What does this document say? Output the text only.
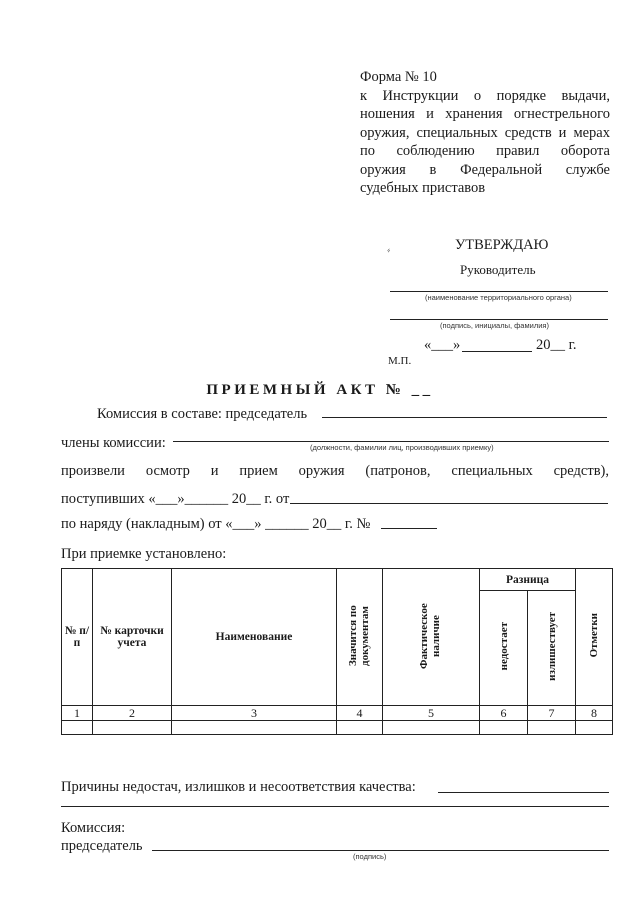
Форма № 10
к Инструкции о порядке выдачи,
ношения и хранения огнестрельного
оружия, специальных средств и мерах
по соблюдению правил оборота
оружия в Федеральной службе
судебных приставов
⸗	УТВЕРЖДАЮ
Руководитель
(наименование территориального органа)
(подпись, инициалы, фамилия)
«___»	20__ г.
М.П.
ПРИЕМНЫЙ АКТ № __
Комиссия в составе: председатель
члены комиссии:	(должности, фамилии лиц, производивших приемку)
произвели осмотр и прием оружия (патронов, специальных средств),
поступивших «___»______ 20__ г. от
по наряду (накладным) от «___» ______ 20__ г. №
При приемке установлено:
№ п/п	№ карточки учета	Наименование	Значится по документам	Фактическое наличие	Разница		Отметки
					недостает	излишествует	
1	2	3	4	5	6	7	8

Причины недостач, излишков и несоответствия качества:
Комиссия:
председатель
(подпись)
